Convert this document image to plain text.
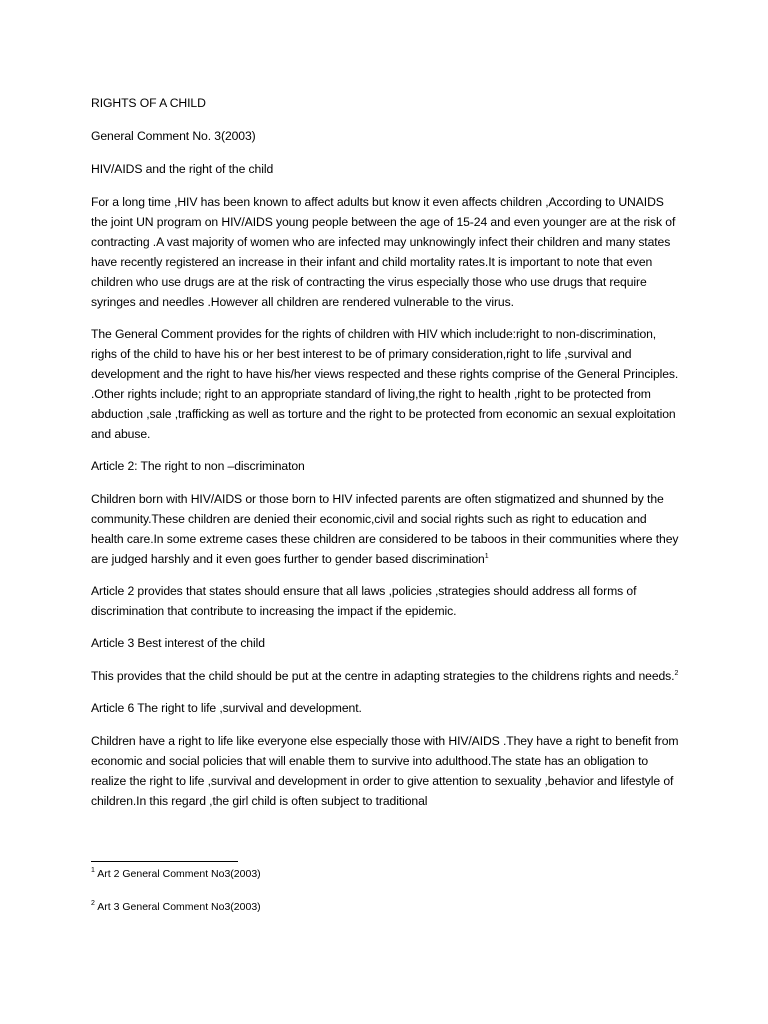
RIGHTS OF A CHILD

General Comment No. 3(2003)

HIV/AIDS and the right of the child

For a long time ,HIV has been known to affect adults but know it even affects children ,According to UNAIDS the joint UN program on HIV/AIDS young people between the age of 15-24 and even younger are at the risk of contracting .A vast majority of women who are infected may unknowingly infect their children and many states have recently registered an increase in their infant and child mortality rates.It is important to note that even children who use drugs are at the risk of contracting the virus especially those who use drugs that require syringes and needles .However all children are rendered vulnerable to the virus.

The General Comment provides for the rights of children with HIV which include:right to non-discrimination, righs of the child to have his or her best interest to be of primary consideration,right to life ,survival and development and the right to have his/her views respected and these rights comprise of the General Principles. .Other rights include; right to an appropriate standard of living,the right to health ,right to be protected from abduction ,sale ,trafficking as well as torture and the right to be protected from economic an sexual exploitation and abuse.

Article 2: The right to non –discriminaton

Children born with HIV/AIDS or those born to HIV infected parents are often stigmatized and shunned by the community.These children are denied their economic,civil and social rights such as right to education and health care.In some extreme cases these children are considered to be taboos in their communities where they are judged harshly and it even goes further to gender based discrimination$^1$

Article 2 provides that states should ensure that all laws ,policies ,strategies should address all forms of discrimination that contribute to increasing the impact if the epidemic.

Article 3 Best interest of the child

This provides that the child should be put at the centre in adapting strategies to the childrens rights and needs.$^2$

Article 6 The right to life ,survival and development.

Children have a right to life like everyone else especially those with HIV/AIDS .They have a right to benefit from economic and social policies that will enable them to survive into adulthood.The state has an obligation to realize the right to life ,survival and development in order to give attention to sexuality ,behavior and lifestyle of children.In this regard ,the girl child is often subject to traditional

$^1$ Art 2 General Comment No3(2003)
$^2$ Art 3 General Comment No3(2003)
